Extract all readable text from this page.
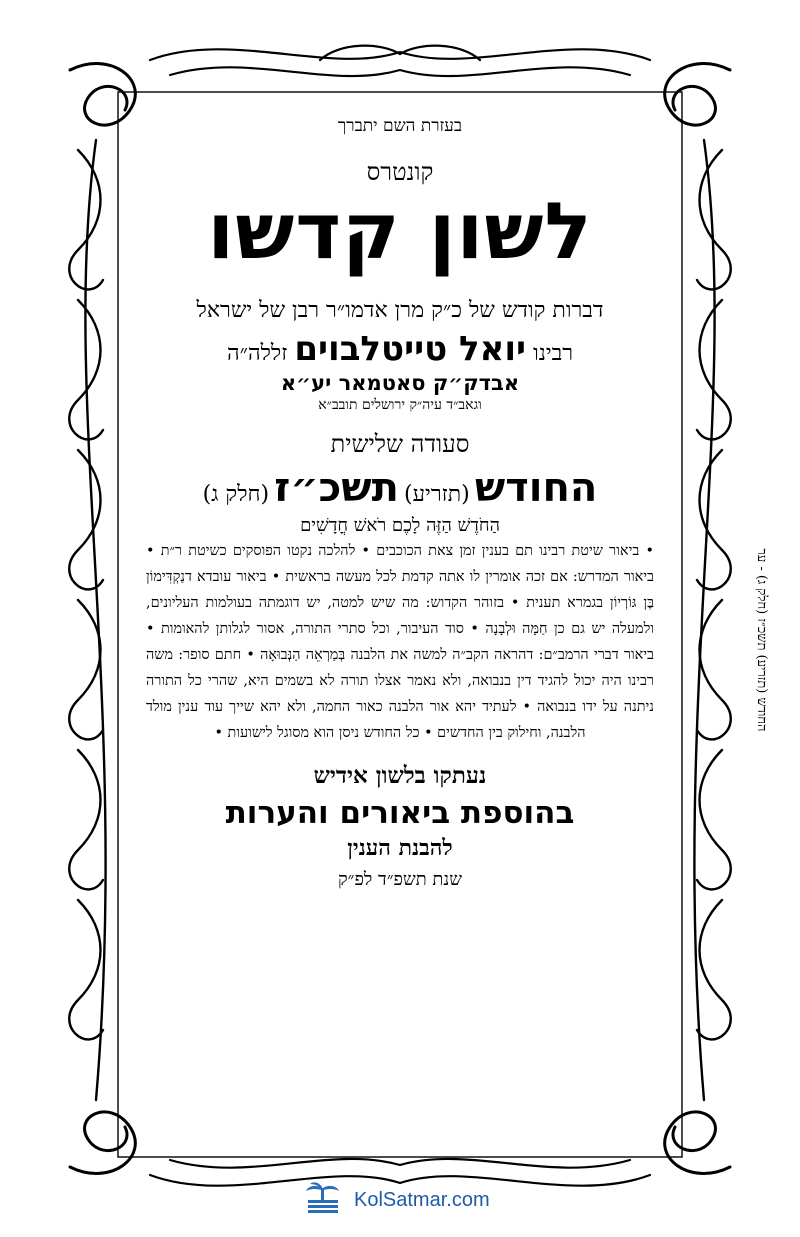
בעזרת השם יתברך
קונטרס
לשון קדשו
דברות קודש של כ״ק מרן אדמו״ר רבן של ישראל
רבינו יואל טייטלבוים זללה״ה
אבדק״ק סאטמאר יע״א
וגאב״ד עיה״ק ירושלים תובב״א
סעודה שלישית
החודש (תזריע) תשכ״ז (חלק ג)
הַחֹדֶשׁ הַזֶּה לָכֶם רֹאשׁ חֳדָשִׁים

• ביאור שיטת רבינו תם בענין זמן צאת הכוכבים • להלכה נקטו הפוסקים כשיטת ר״ת • ביאור המדרש: אם זכה אומרין לו אתה קדמת לכל מעשה בראשית • ביאור עובדא דנַקְדִּימוֹן בֶּן גּוֹרְיוֹן בגמרא תענית • בזוהר הקדוש: מה שיש למטה, יש דוגמתה בעולמות העליונים, ולמעלה יש גם כן חַמָּה וּלְבָנָה • סוד העיבור, וכל סתרי התורה, אסור לגלותן להאומות • ביאור דברי הרמב״ם: דהראה הקב״ה למשה את הלבנה בְּמַרְאֵה הַנְּבוּאָה • חתם סופר: משה רבינו היה יכול להגיד דין בנבואה, ולא נאמר אצלו תורה לא בשמים היא, שהרי כל התורה ניתנה על ידו בנבואה • לעתיד יהא אור הלבנה כאור החמה, ולא יהא שייך עוד ענין מולד הלבנה, וחילוק בין החדשים • כל החודש ניסן הוא מסוגל לישועות •

נעתקו בלשון אידיש
בהוספת ביאורים והערות
להבנת הענין
שנת תשפ״ד לפ״ק
החודש (תזריע) תשכ״ז (חלק ג) - ער
KolSatmar.com
